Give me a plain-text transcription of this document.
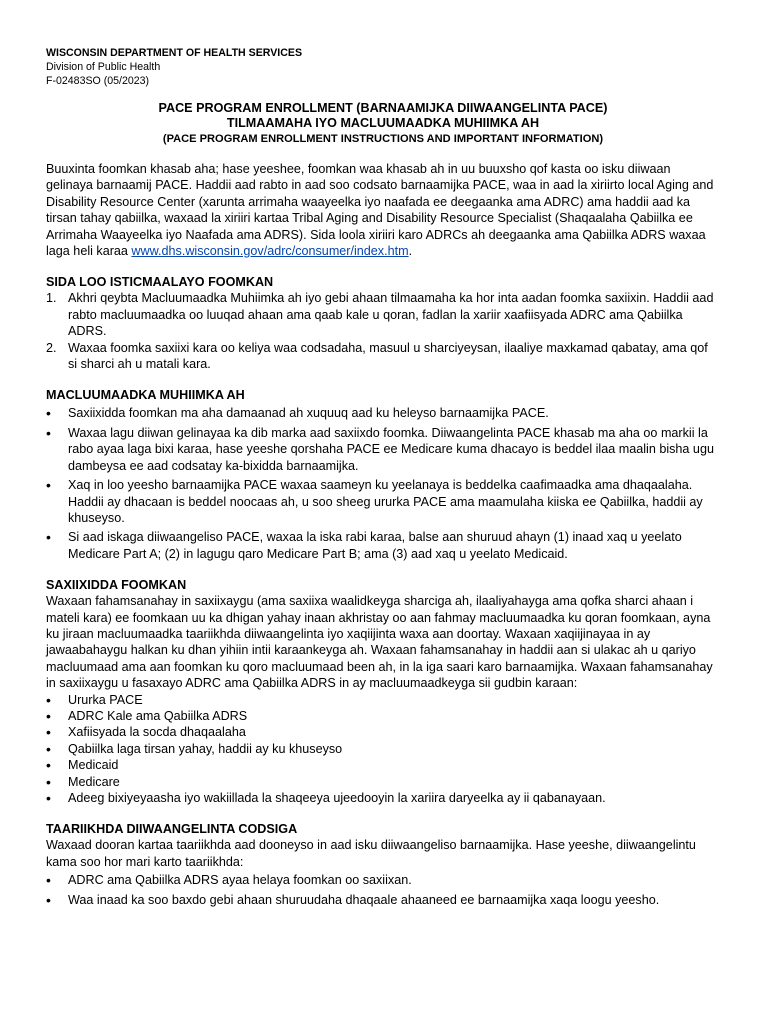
WISCONSIN DEPARTMENT OF HEALTH SERVICES
Division of Public Health
F-02483SO (05/2023)
PACE PROGRAM ENROLLMENT (BARNAAMIJKA DIIWAANGELINTA PACE)
TILMAAMAHA IYO MACLUUMAADKA MUHIIMKA AH
(PACE PROGRAM ENROLLMENT INSTRUCTIONS AND IMPORTANT INFORMATION)

Buuxinta foomkan khasab aha; hase yeeshee, foomkan waa khasab ah in uu buuxsho qof kasta oo isku diiwaan gelinaya barnaamij PACE. Haddii aad rabto in aad soo codsato barnaamijka PACE, waa in aad la xiriirto local Aging and Disability Resource Center (xarunta arrimaha waayeelka iyo naafada ee deegaanka ama ADRC) ama haddii aad ka tirsan tahay qabiilka, waxaad la xiriiri kartaa Tribal Aging and Disability Resource Specialist (Shaqaalaha Qabiilka ee Arrimaha Waayeelka iyo Naafada ama ADRS). Sida loola xiriiri karo ADRCs ah deegaanka ama Qabiilka ADRS waxaa laga heli karaa www.dhs.wisconsin.gov/adrc/consumer/index.htm.

SIDA LOO ISTICMAALAYO FOOMKAN
1. Akhri qeybta Macluumaadka Muhiimka ah iyo gebi ahaan tilmaamaha ka hor inta aadan foomka saxiixin. Haddii aad rabto macluumaadka oo luuqad ahaan ama qaab kale u qoran, fadlan la xariir xaafiisyada ADRC ama Qabiilka ADRS.
2. Waxaa foomka saxiixi kara oo keliya waa codsadaha, masuul u sharciyeysan, ilaaliye maxkamad qabatay, ama qof si sharci ah u matali kara.
MACLUUMAADKA MUHIIMKA AH
•	Saxiixidda foomkan ma aha damaanad ah xuquuq aad ku heleyso barnaamijka PACE.
•	Waxaa lagu diiwan gelinayaa ka dib marka aad saxiixdo foomka. Diiwaangelinta PACE khasab ma aha oo markii la rabo ayaa laga bixi karaa, hase yeeshe qorshaha PACE ee Medicare kuma dhacayo is beddel ilaa maalin bisha ugu dambeysa ee aad codsatay ka-bixidda barnaamijka.
•	Xaq in loo yeesho barnaamijka PACE waxaa saameyn ku yeelanaya is beddelka caafimaadka ama dhaqaalaha. Haddii ay dhacaan is beddel noocaas ah, u soo sheeg ururka PACE ama maamulaha kiiska ee Qabiilka, haddii ay khuseyso.
•	Si aad iskaga diiwaangeliso PACE, waxaa la iska rabi karaa, balse aan shuruud ahayn (1) inaad xaq u yeelato Medicare Part A; (2) in lagugu qaro Medicare Part B; ama (3) aad xaq u yeelato Medicaid.
SAXIIXIDDA FOOMKAN

Waxaan fahamsanahay in saxiixaygu (ama saxiixa waalidkeyga sharciga ah, ilaaliyahayga ama qofka sharci ahaan i mateli kara) ee foomkaan uu ka dhigan yahay inaan akhristay oo aan fahmay macluumaadka ku qoran foomkaan, ayna ku jiraan macluumaadka taariikhda diiwaangelinta iyo xaqiijinta waxa aan doortay. Waxaan xaqiijinayaa in ay jawaabahaygu halkan ku dhan yihiin intii karaankeyga ah. Waxaan fahamsanahay in haddii aan si ulakac ah u qariyo macluumaad ama aan foomkan ku qoro macluumaad been ah, in la iga saari karo barnaamijka. Waxaan fahamsanahay in saxiixaygu u fasaxayo ADRC ama Qabiilka ADRS in ay macluumaadkeyga sii gudbin karaan:

•	Ururka PACE
•	ADRC Kale ama Qabiilka ADRS
•	Xafiisyada la socda dhaqaalaha
•	Qabiilka laga tirsan yahay, haddii ay ku khuseyso
•	Medicaid
•	Medicare
•	Adeeg bixiyeyaasha iyo wakiillada la shaqeeya ujeedooyin la xariira daryeelka ay ii qabanayaan.
TAARIIKHDA DIIWAANGELINTA CODSIGA

Waxaad dooran kartaa taariikhda aad dooneyso in aad isku diiwaangeliso barnaamijka. Hase yeeshe, diiwaangelintu kama soo hor mari karto taariikhda:

•	ADRC ama Qabiilka ADRS ayaa helaya foomkan oo saxiixan.
•	Waa inaad ka soo baxdo gebi ahaan shuruudaha dhaqaale ahaaneed ee barnaamijka xaqa loogu yeesho.
